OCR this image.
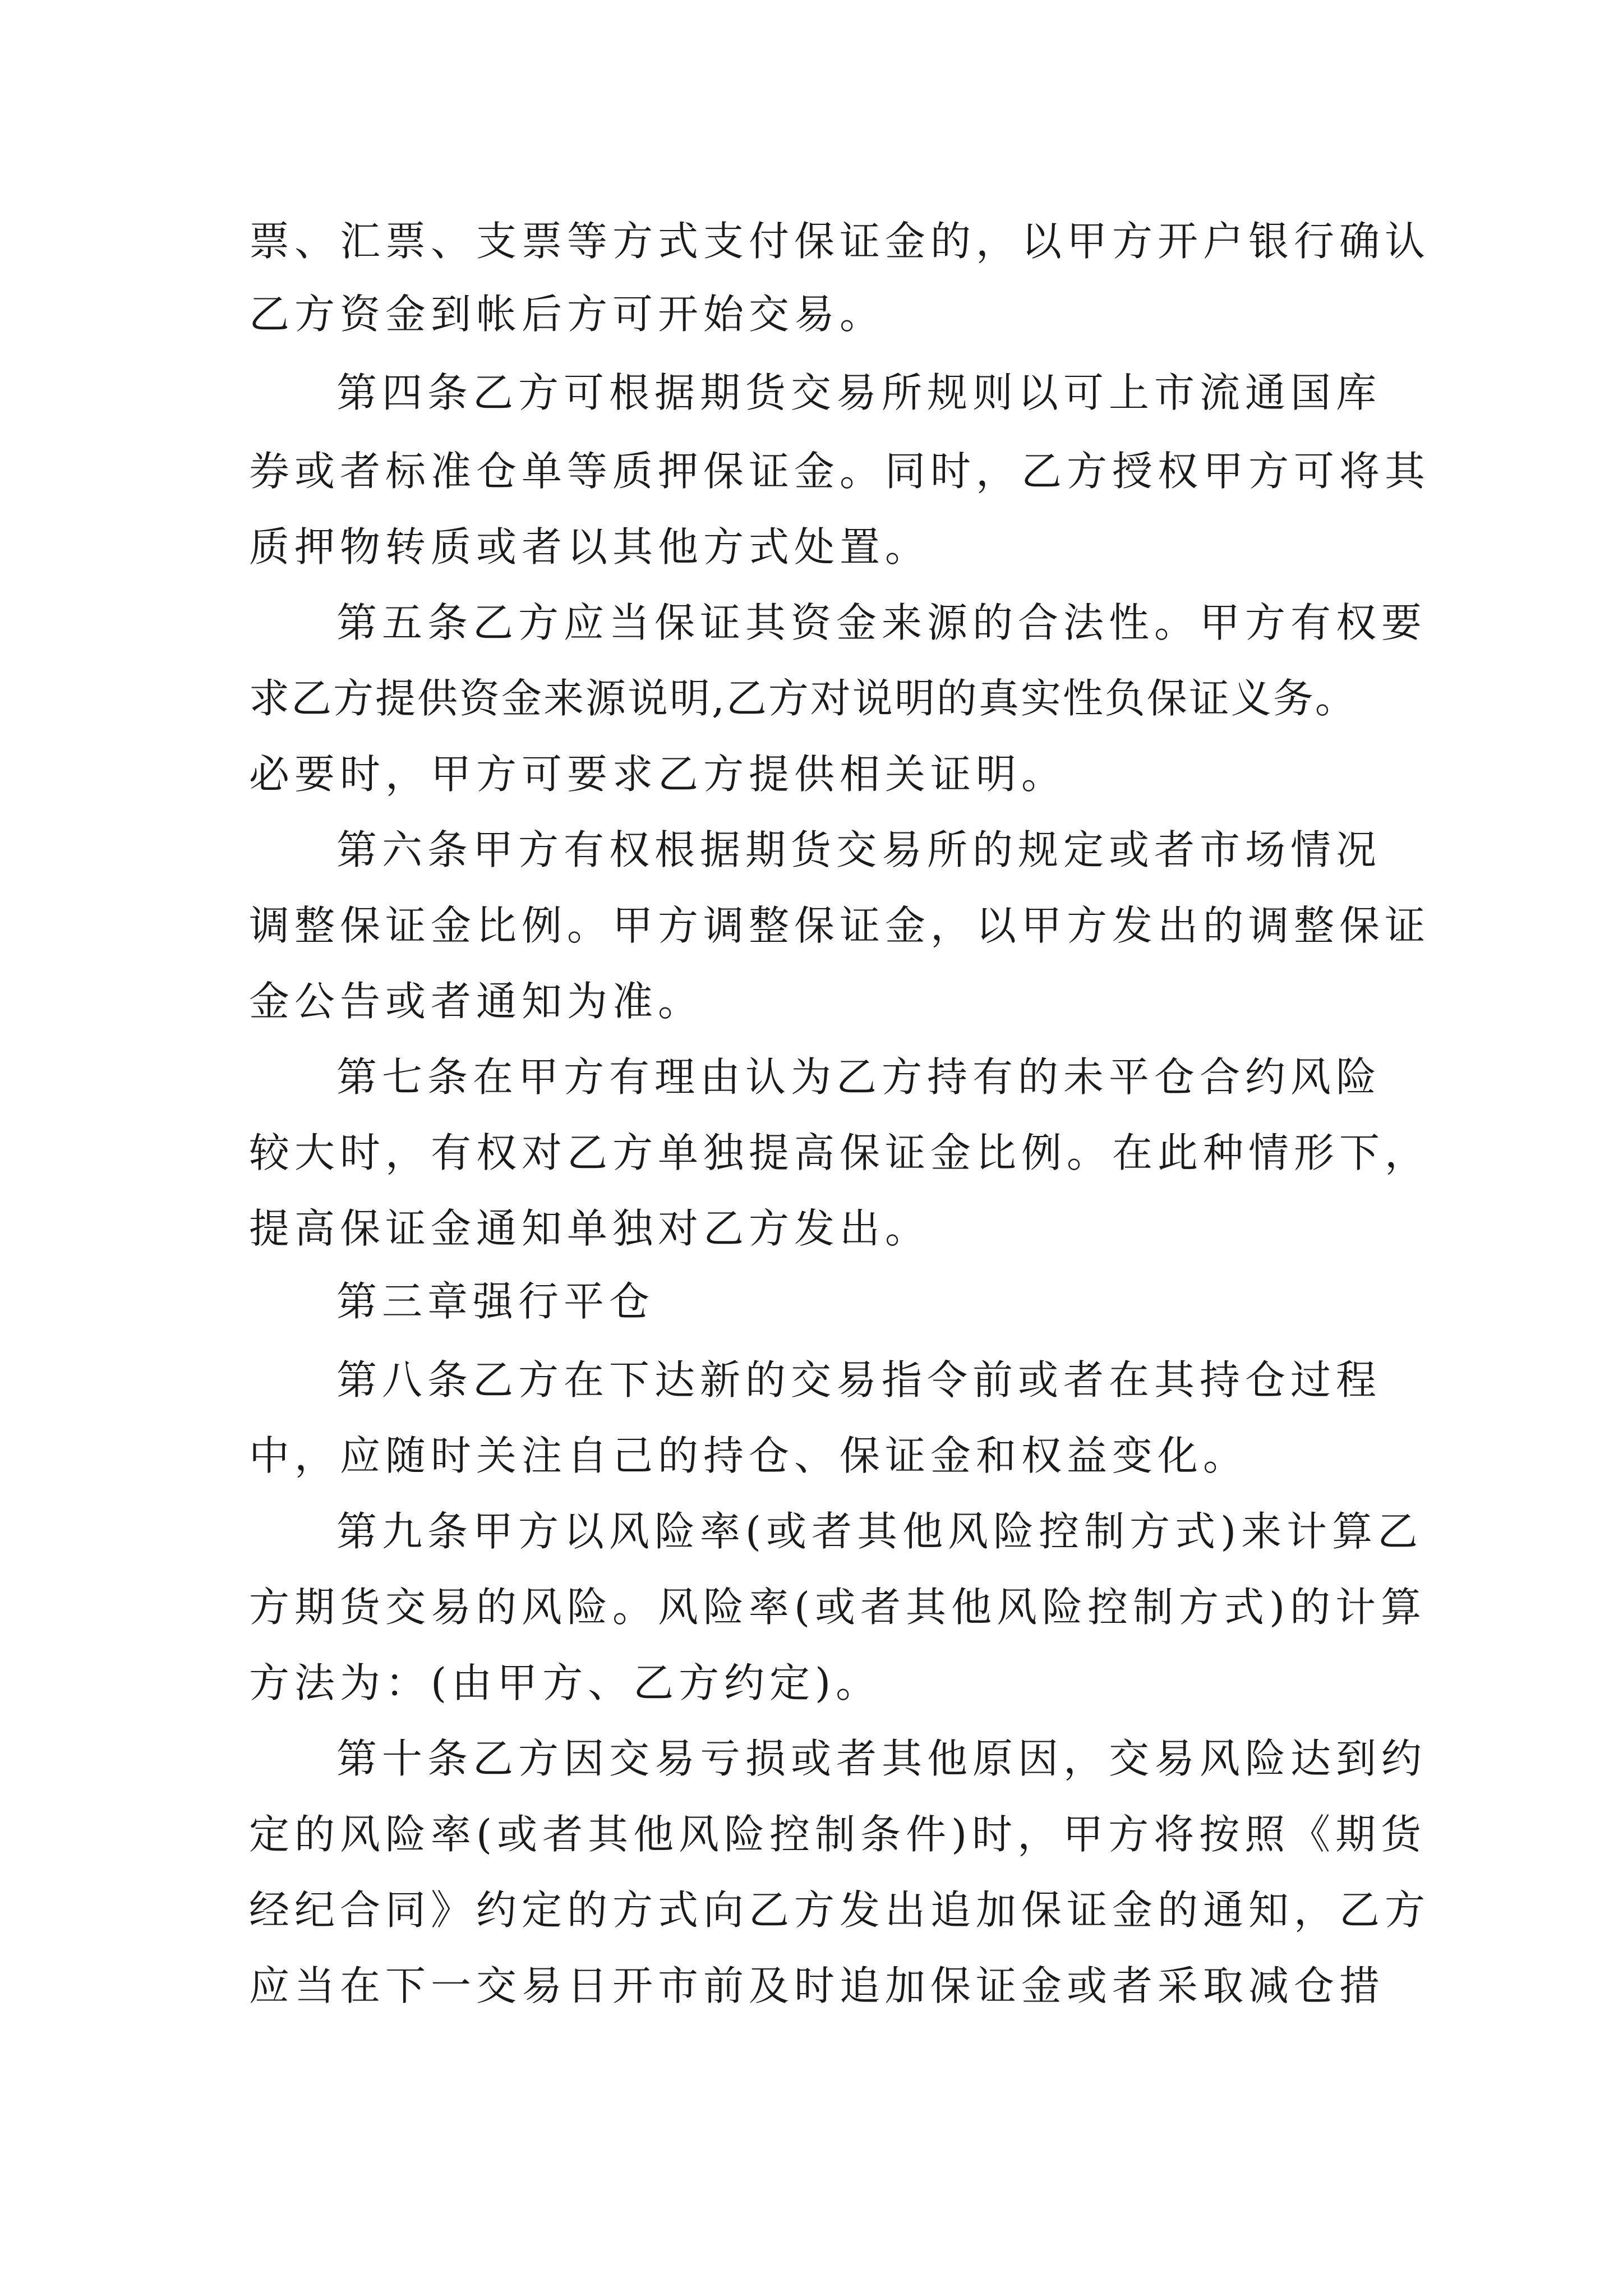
票、汇票、支票等方式支付保证金的，以甲方开户银行确认
乙方资金到帐后方可开始交易。
第四条乙方可根据期货交易所规则以可上市流通国库
券或者标准仓单等质押保证金。同时，乙方授权甲方可将其
质押物转质或者以其他方式处置。
第五条乙方应当保证其资金来源的合法性。甲方有权要
求乙方提供资金来源说明,乙方对说明的真实性负保证义务。
必要时，甲方可要求乙方提供相关证明。
第六条甲方有权根据期货交易所的规定或者市场情况
调整保证金比例。甲方调整保证金，以甲方发出的调整保证
金公告或者通知为准。
第七条在甲方有理由认为乙方持有的未平仓合约风险
较大时，有权对乙方单独提高保证金比例。在此种情形下，
提高保证金通知单独对乙方发出。
第三章强行平仓
第八条乙方在下达新的交易指令前或者在其持仓过程
中，应随时关注自己的持仓、保证金和权益变化。
第九条甲方以风险率(或者其他风险控制方式)来计算乙
方期货交易的风险。风险率(或者其他风险控制方式)的计算
方法为：(由甲方、乙方约定)。
第十条乙方因交易亏损或者其他原因，交易风险达到约
定的风险率(或者其他风险控制条件)时，甲方将按照《期货
经纪合同》约定的方式向乙方发出追加保证金的通知，乙方
应当在下一交易日开市前及时追加保证金或者采取减仓措
